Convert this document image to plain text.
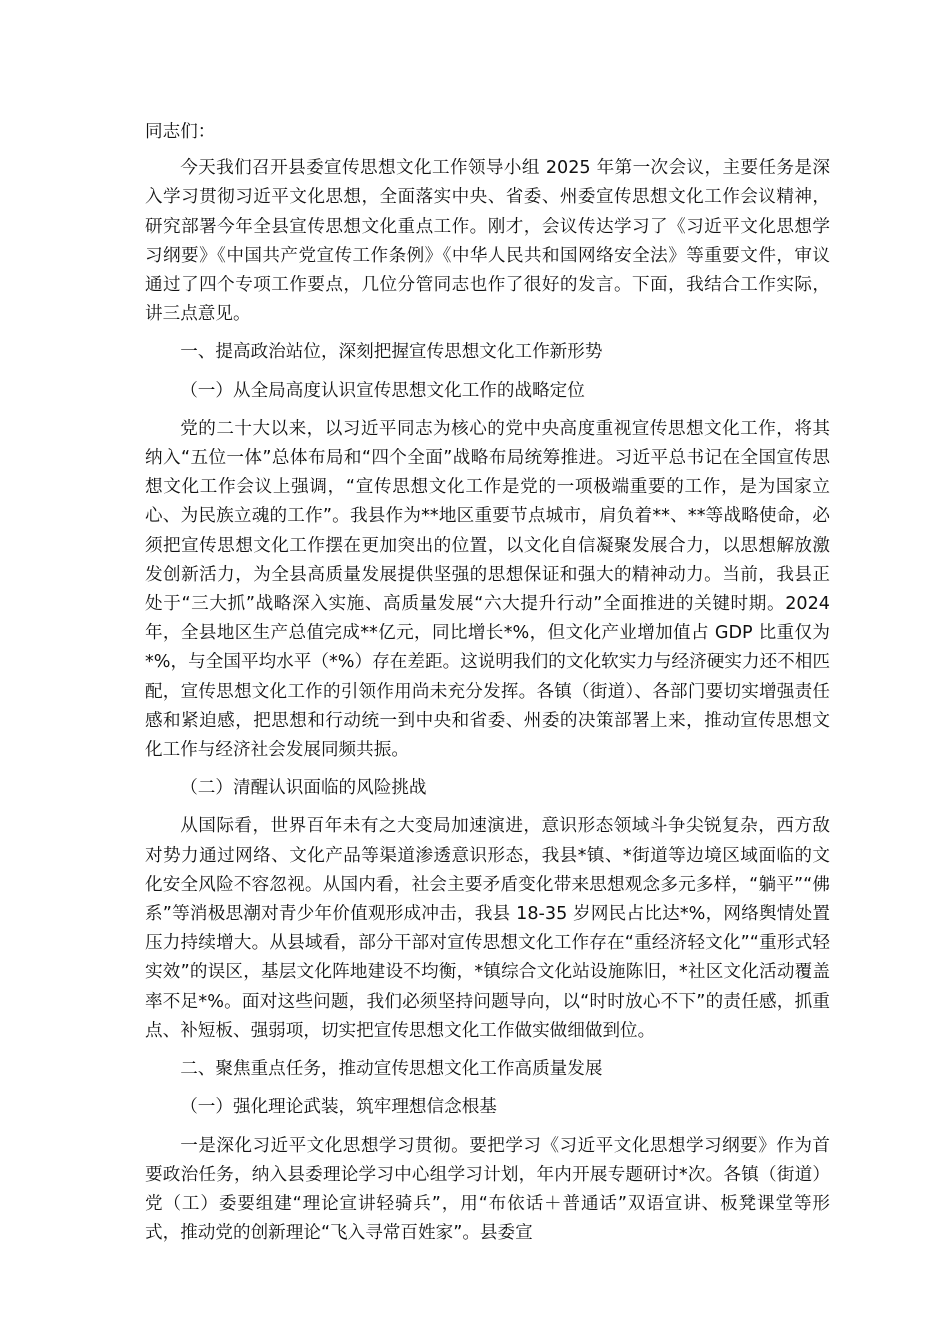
同志们：

今天我们召开县委宣传思想文化工作领导小组 2025 年第一次会议，主要任务是深入学习贯彻习近平文化思想，全面落实中央、省委、州委宣传思想文化工作会议精神，研究部署今年全县宣传思想文化重点工作。刚才，会议传达学习了《习近平文化思想学习纲要》《中国共产党宣传工作条例》《中华人民共和国网络安全法》等重要文件，审议通过了四个专项工作要点，几位分管同志也作了很好的发言。下面，我结合工作实际，讲三点意见。

一、提高政治站位，深刻把握宣传思想文化工作新形势

（一）从全局高度认识宣传思想文化工作的战略定位

党的二十大以来，以习近平同志为核心的党中央高度重视宣传思想文化工作，将其纳入“五位一体”总体布局和“四个全面”战略布局统筹推进。习近平总书记在全国宣传思想文化工作会议上强调，“宣传思想文化工作是党的一项极端重要的工作，是为国家立心、为民族立魂的工作”。我县作为**地区重要节点城市，肩负着**、**等战略使命，必须把宣传思想文化工作摆在更加突出的位置，以文化自信凝聚发展合力，以思想解放激发创新活力，为全县高质量发展提供坚强的思想保证和强大的精神动力。当前，我县正处于“三大抓”战略深入实施、高质量发展“六大提升行动”全面推进的关键时期。2024 年，全县地区生产总值完成**亿元，同比增长*%，但文化产业增加值占 GDP 比重仅为*%，与全国平均水平（*%）存在差距。这说明我们的文化软实力与经济硬实力还不相匹配，宣传思想文化工作的引领作用尚未充分发挥。各镇（街道）、各部门要切实增强责任感和紧迫感，把思想和行动统一到中央和省委、州委的决策部署上来，推动宣传思想文化工作与经济社会发展同频共振。

（二）清醒认识面临的风险挑战

从国际看，世界百年未有之大变局加速演进，意识形态领域斗争尖锐复杂，西方敌对势力通过网络、文化产品等渠道渗透意识形态，我县*镇、*街道等边境区域面临的文化安全风险不容忽视。从国内看，社会主要矛盾变化带来思想观念多元多样，“躺平”“佛系”等消极思潮对青少年价值观形成冲击，我县 18-35 岁网民占比达*%，网络舆情处置压力持续增大。从县域看，部分干部对宣传思想文化工作存在“重经济轻文化”“重形式轻实效”的误区，基层文化阵地建设不均衡，*镇综合文化站设施陈旧，*社区文化活动覆盖率不足*%。面对这些问题，我们必须坚持问题导向，以“时时放心不下”的责任感，抓重点、补短板、强弱项，切实把宣传思想文化工作做实做细做到位。

二、聚焦重点任务，推动宣传思想文化工作高质量发展

（一）强化理论武装，筑牢理想信念根基

一是深化习近平文化思想学习贯彻。要把学习《习近平文化思想学习纲要》作为首要政治任务，纳入县委理论学习中心组学习计划，年内开展专题研讨*次。各镇（街道）党（工）委要组建“理论宣讲轻骑兵”，用“布依话＋普通话”双语宣讲、板凳课堂等形式，推动党的创新理论“飞入寻常百姓家”。县委宣
